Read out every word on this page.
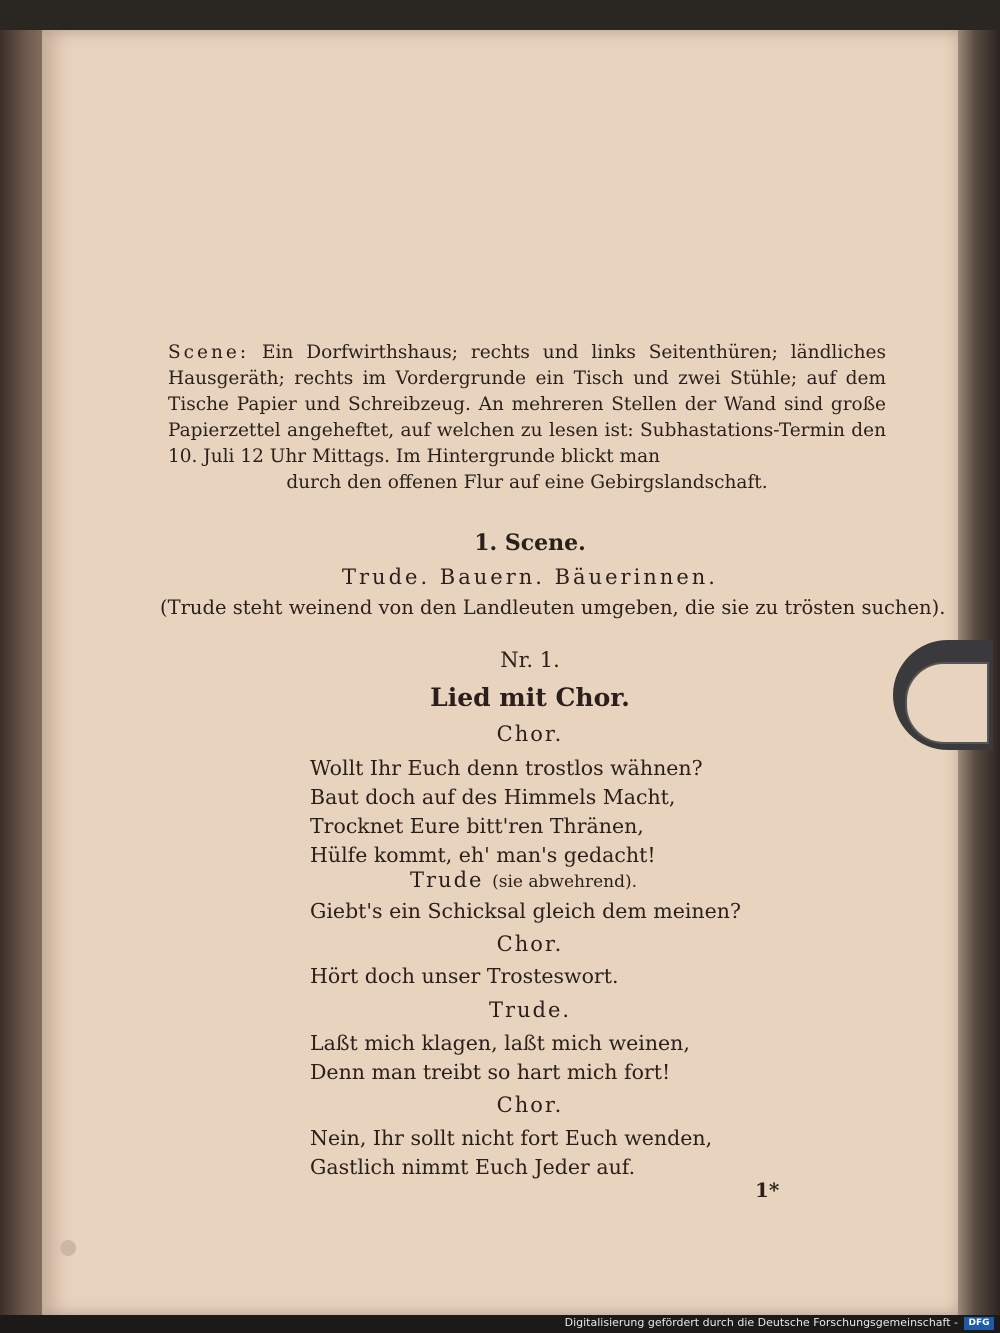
Scene: Ein Dorfwirthshaus; rechts und links Seitenthüren; ländliches Hausgeräth; rechts im Vordergrunde ein Tisch und zwei Stühle; auf dem Tische Papier und Schreibzeug. An mehreren Stellen der Wand sind große Papierzettel angeheftet, auf welchen zu lesen ist: Subhastations-Termin den 10. Juli 12 Uhr Mittags. Im Hintergrunde blickt man
durch den offenen Flur auf eine Gebirgslandschaft.
1. Scene.
Trude. Bauern. Bäuerinnen.
(Trude steht weinend von den Landleuten umgeben, die sie zu trösten suchen).
Nr. 1.
Lied mit Chor.
Chor.
Wollt Ihr Euch denn trostlos wähnen?
Baut doch auf des Himmels Macht,
Trocknet Eure bitt'ren Thränen,
Hülfe kommt, eh' man's gedacht!
Trude (sie abwehrend).
Giebt's ein Schicksal gleich dem meinen?
Chor.
Hört doch unser Trosteswort.
Trude.
Laßt mich klagen, laßt mich weinen,
Denn man treibt so hart mich fort!
Chor.
Nein, Ihr sollt nicht fort Euch wenden,
Gastlich nimmt Euch Jeder auf.
1*
Digitalisierung gefördert durch die Deutsche Forschungsgemeinschaft -	DFG
